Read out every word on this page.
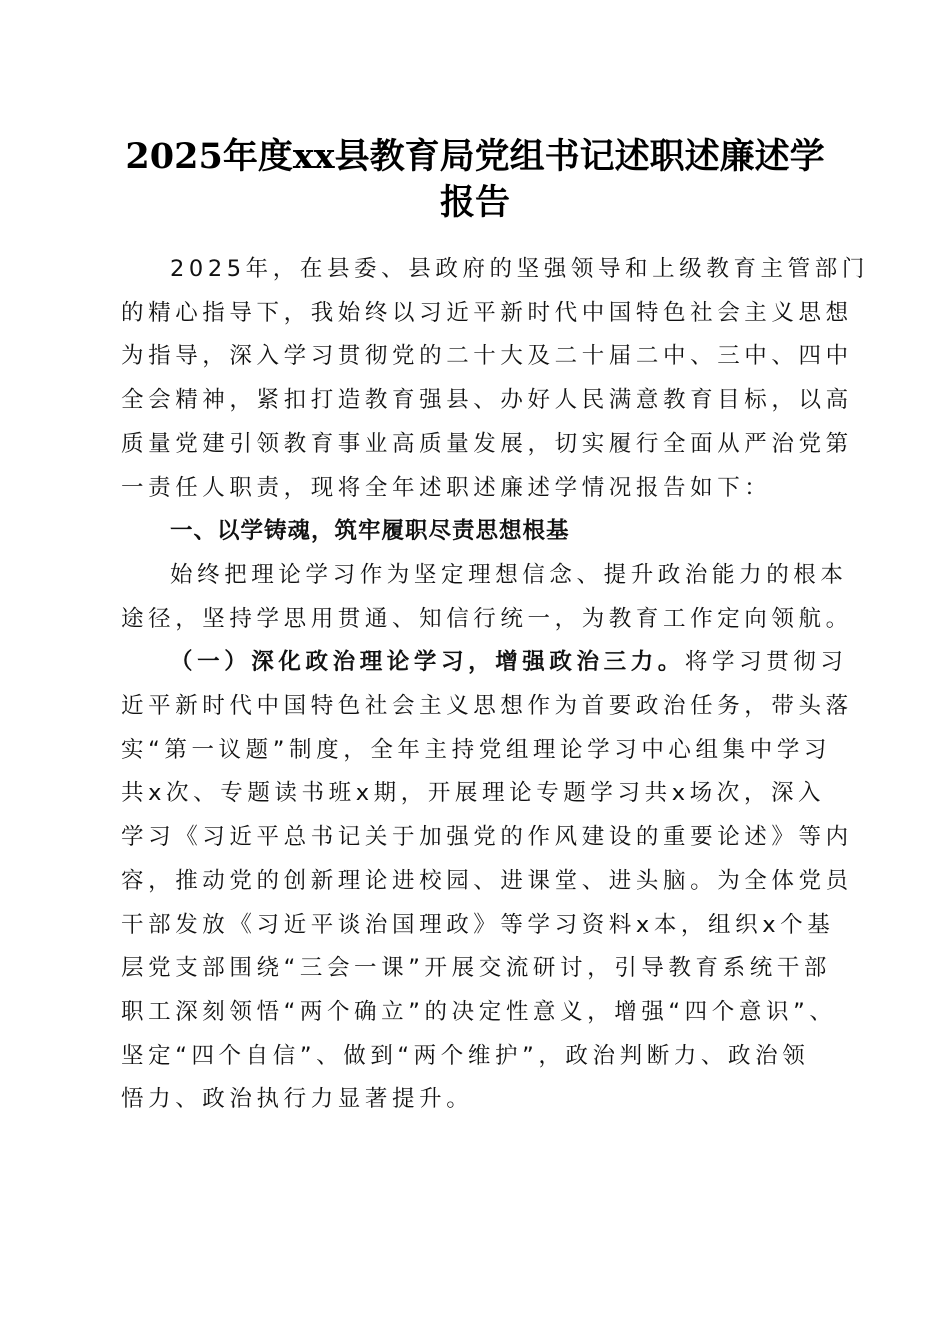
2025年度xx县教育局党组书记述职述廉述学
报告
2025年，在县委、县政府的坚强领导和上级教育主管部门
的精心指导下，我始终以习近平新时代中国特色社会主义思想
为指导，深入学习贯彻党的二十大及二十届二中、三中、四中
全会精神，紧扣打造教育强县、办好人民满意教育目标，以高
质量党建引领教育事业高质量发展，切实履行全面从严治党第
一责任人职责，现将全年述职述廉述学情况报告如下：
一、以学铸魂，筑牢履职尽责思想根基
始终把理论学习作为坚定理想信念、提升政治能力的根本
途径，坚持学思用贯通、知信行统一，为教育工作定向领航。
（一）深化政治理论学习，增强政治三力。将学习贯彻习
近平新时代中国特色社会主义思想作为首要政治任务，带头落
实“第一议题”制度，全年主持党组理论学习中心组集中学习
共x次、专题读书班x期，开展理论专题学习共x场次，深入
学习《习近平总书记关于加强党的作风建设的重要论述》等内
容，推动党的创新理论进校园、进课堂、进头脑。为全体党员
干部发放《习近平谈治国理政》等学习资料x本，组织x个基
层党支部围绕“三会一课”开展交流研讨，引导教育系统干部
职工深刻领悟“两个确立”的决定性意义，增强“四个意识”、
坚定“四个自信”、做到“两个维护”，政治判断力、政治领
悟力、政治执行力显著提升。
